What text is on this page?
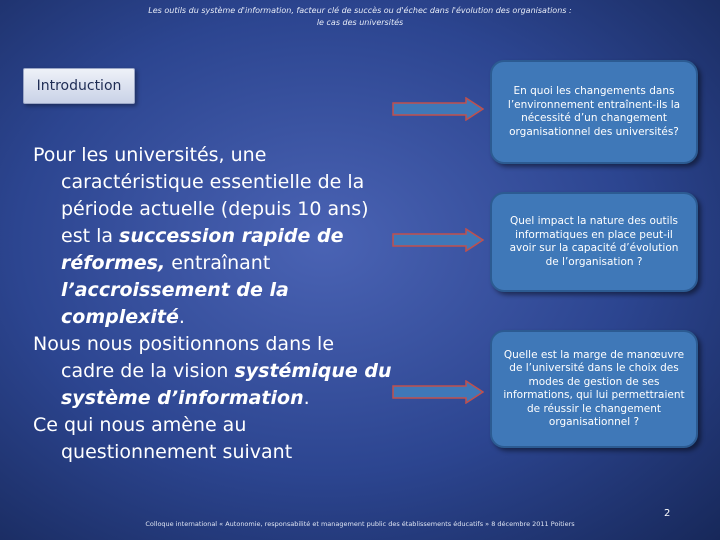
Les outils du système d'information, facteur clé de succès ou d'échec dans l'évolution des organisations :
le cas des universités
Introduction

Pour les universités, une caractéristique essentielle de la période actuelle (depuis 10 ans) est la succession rapide de réformes, entraînant l’accroissement de la complexité.

Nous nous positionnons dans le cadre de la vision systémique du système d’information.

Ce qui nous amène au questionnement suivant

En quoi les changements dans l’environnement entraînent-ils la nécessité d’un changement organisationnel des universités?
Quel impact la nature des outils informatiques en place peut-il avoir sur la capacité d’évolution de l’organisation ?
Quelle est la marge de manœuvre de l’université dans le choix des modes de gestion de ses informations, qui lui permettraient de réussir le changement organisationnel ?
Colloque international « Autonomie, responsabilité et management public des établissements éducatifs » 8 décembre 2011 Poitiers
2
